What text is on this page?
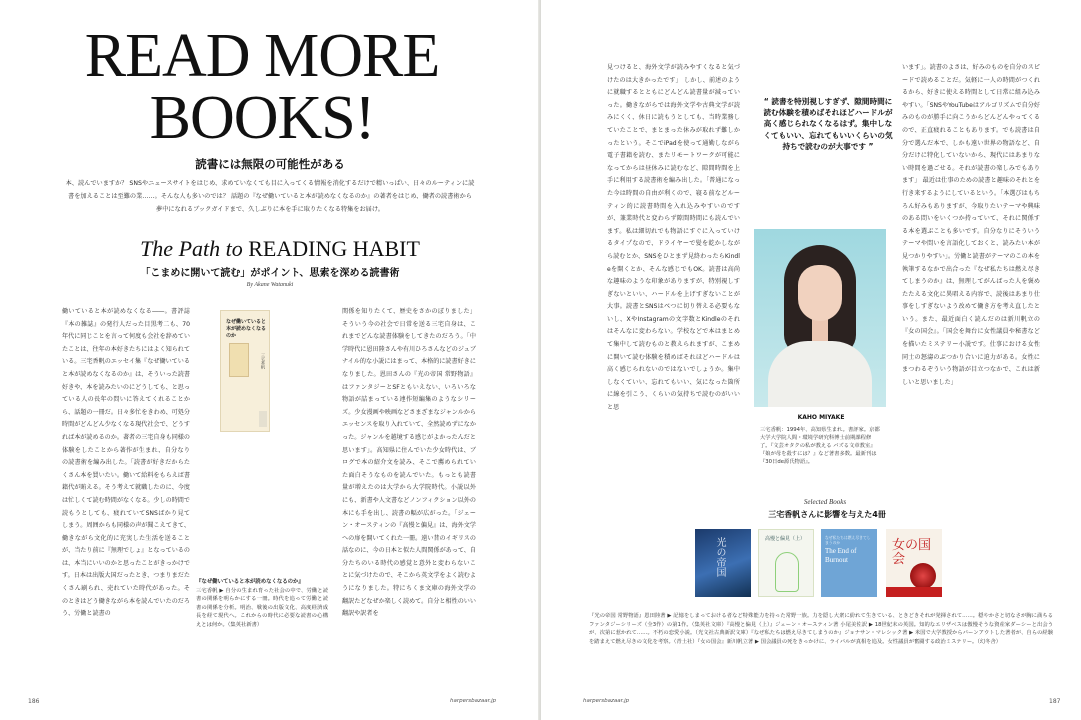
READ MORE
BOOKS!
読書には無限の可能性がある

本、読んでいますか？ SNSやニュースサイトをはじめ、求めていなくても目に入ってくる情報を消化するだけで精いっぱい、日々のルーティンに読書を加えることは至難の業……。そんな人も多いのでは？ 話題の『なぜ働いていると本が読めなくなるのか』の著者をはじめ、働者の読書術から夢中になれるブックガイドまで、久しぶりに本を手に取りたくなる特集をお届け。

The Path to READING HABIT
「こまめに開いて読む」がポイント、思索を深める読書術
By Akane Watanuki

働いていると本が読めなくなる――。書評誌『本の雑誌』の発行人だった目黒考二も、70年代に同じことを言って何度も会社を辞めていたことは、往年の本好きたちにはよく知られている。三宅香帆のエッセイ集『なぜ働いていると本が読めなくなるのか』は、そういった読書好きや、本を読みたいのにどうしても、と思っている人の長年の問いに答えてくれることから、話題の一冊だ。日々多忙をきわめ、可処分時間がどんどん少なくなる現代社会で、どうすれば本が読めるのか。著者の三宅自身も同様の体験をしたことから著作が生まれ、自分なりの読書術を編み出した。「読書が好きだからたくさん本を買いたい。働いて給料をもらえば書籍代が賄える。そう考えて就職したのに、今度は忙しくて読む時間がなくなる。少しの時間で読もうとしても、疲れていてSNSばかり見てしまう。周囲からも同様の声が聞こえてきて、働きながら文化的に充実した生活を送ることが、当たり前に『無理でしょ』となっているのは、本当にいいのかと思ったことがきっかけです。日本は出版大国だったとき、つまりまだたくさん刷られ、売れていた時代があった。そのときはどう働きながら本を読んでいたのだろう、労働と読書の

なぜ働いていると本が読めなくなるのか
三宅香帆
『なぜ働いていると本が読めなくなるのか』
三宅香帆 ▶ 自分の生まれ育った社会の中で、労働と読書の関係を明らかにする一冊。時代を追って労働と読書の関係を分析。明治、戦後の出版文化、高度経済成長を経て現代へ。これからの時代に必要な読書の心構えとは何か。（集英社新書）

関係を知りたくて、歴史をさかのぼりました」 そういう今の社会で日常を送る三宅自身は、これまでどんな読書体験をしてきたのだろう。「中学時代に恩田陸さんや有川ひろさんなどのジュブナイル的な小説にはまって、本格的に読書好きになりました。恩田さんの『光の帝国 常野物語』はファンタジーとSFともいえない、いろいろな物語が詰まっている連作短編集のようなシリーズ。少女漫画や映画などさまざまなジャンルからエッセンスを取り入れていて、全然読めずになかった。ジャンルを越境する感じがよかったんだと思います」。高知県に住んでいた少女時代は、ブログで本の紹介文を読み、そこで薦められていた面白そうなものを読んでいた。もっとも読書量が増えたのは大学から大学院時代。小説以外にも、新書や人文書などノンフィクション以外の本にも手を出し、読書の幅が広がった。「ジェーン・オースティンの『高慢と偏見』は、海外文学への扉を開いてくれた一冊。遠い昔のイギリスの話なのに、今の日本と似た人間関係があって、自分たちのいる時代の感覚と意外と変わらないことに気づけたので、そこから英文学をよく読むようになりました。特にちくま文庫の海外文学の翻訳たどなぜか楽しく読めて。自分と相性のいい翻訳や訳者を

186	harpersbazaar.jp

見つけると、海外文学が読みやすくなると気づけたのは大きかったです」 しかし、前述のように就職するとともにどんどん読書量が減っていった。働きながらでは海外文学や古典文学が読みにくく、休日に読もうとしても、当時業務していたことで、まとまった休みが取れず難しかったという。そこでiPadを使って通勤しながら電子書籍を読む、またリモートワークが可能になってからは昼休みに読むなど、隙間時間を上手に利用する読書術を編み出した。「普通になった今は時間の自由が利くので、寝る前などルーティン的に読書時間を入れ込みやすいのですが、兼業時代と変わらず隙間時間にも読んでいます。私は細切れでも物語にすぐに入っていけるタイプなので、ドライヤーで髪を乾かしながら読むとか、SNSをひとまず見終わったらKindleを開くとか、そんな感じでもOK。読書は高尚な趣味のような印象がありますが、特別視しすぎないといい、ハードルを上げすぎないことが大事。読書とSNSはべつに切り替える必要もないし、XやInstagramの文字数とKindleのそれはそんなに変わらない。学校などで本はまとめて集中して読むものと教えられますが、こまめに開いて読む体験を積めばそれほどハードルは高く感じられないのではないでしょうか。集中しなくていい、忘れてもいい、気になった箇所に線を引こう、くらいの気持ちで読むのがいいと思

“ 読書を特別視しすぎず、隙間時間に読む体験を積めばそれほどハードルが高く感じられなくなるはず。集中しなくてもいい、忘れてもいいくらいの気持ちで読むのが大事です ”
KAHO MIYAKE
三宅香帆：1994年、高知県生まれ。書評家。京都大学大学院人間・環境学研究科博士前期課程修了。『文芸オタクの私が教える バズる文章教室』『娘が母を殺すには？』など著書多数。最新刊は『30日de源氏物語』。

います」。読書のよさは、好みのものを自分のスピードで読めることだ。気軽に一人の時間がつくれるから、好きに使える時間として日常に組み込みやすい。「SNSやYouTubeはアルゴリズムで自分好みのものが勝手に向こうからどんどんやってくるので、正直疲れることもあります。でも読書は自分で選んだ本で、しかも遠い世界の物語など、自分だけに特化していないから、現代にはあまりない時間を過ごせる。それが読書の楽しみでもあります」 最近は仕事のための読書と趣味のそれとを行き来するようにしているという。「本選びはもちろん好みもありますが、今取りたいテーマや興味のある問いをいくつか持っていて、それに関係する本を選ぶことも多いです。自分なりにそういうテーマや問いを言語化しておくと、読みたい本が見つかりやすい」。労働と読書がテーマのこの本を執筆するなかで出合った『なぜ私たちは燃え尽きてしまうのか』は、無理してがんばった人を褒めたたえる文化に異唱える内容で、読後はあまり仕事をしすぎないよう改めて働き方を考え直したという。また、最近面白く読んだのは新川帆立の『女の国会』。「国会を舞台に女性議員や秘書などを描いたミステリー小説です。仕事における女性同士の怒濤のぶつかり合いに迫力がある。女性にまつわるぞういう物語が目立つなかで、これは新しいと思いました」

Selected Books
三宅香帆さんに影響を与えた4冊
光の帝国	高慢と偏見（上）	なぜ私たちは燃え尽きてしまうのか
The End of Burnout
女の国会

『光の帝国 常野物語』恩田陸著 ▶ 記憶をしまっておける者など特殊能力を持った常野一族。力を隠し大衆に紛れて生きている、ときどきそれが発揮されて……。穏やかさと切なさが胸に満ちるファンタジーシリーズ（全3作）の第1作。（集英社文庫）『高慢と偏見（上）』ジェーン・オースティン著 小尾美佐訳 ▶ 18世紀末の英国。知的なエリザベスは傲慢そうな資産家ダーシーと出会うが、次第に惹かれて……。不朽の恋愛小説。（光文社古典新訳文庫）『なぜ私たちは燃え尽きてしまうのか』ジョナサン・マレシック著 ▶ 米国で大学教授からバーンアウトした著者が、自らの経験を踏まえて燃え尽きの文化を考察。（青土社）『女の国会』新川帆立著 ▶ 国会議員の死をきっかけに、ライバルが真相を追及。女性議員が奮闘する政治ミステリー。（幻冬舎）

harpersbazaar.jp	187
